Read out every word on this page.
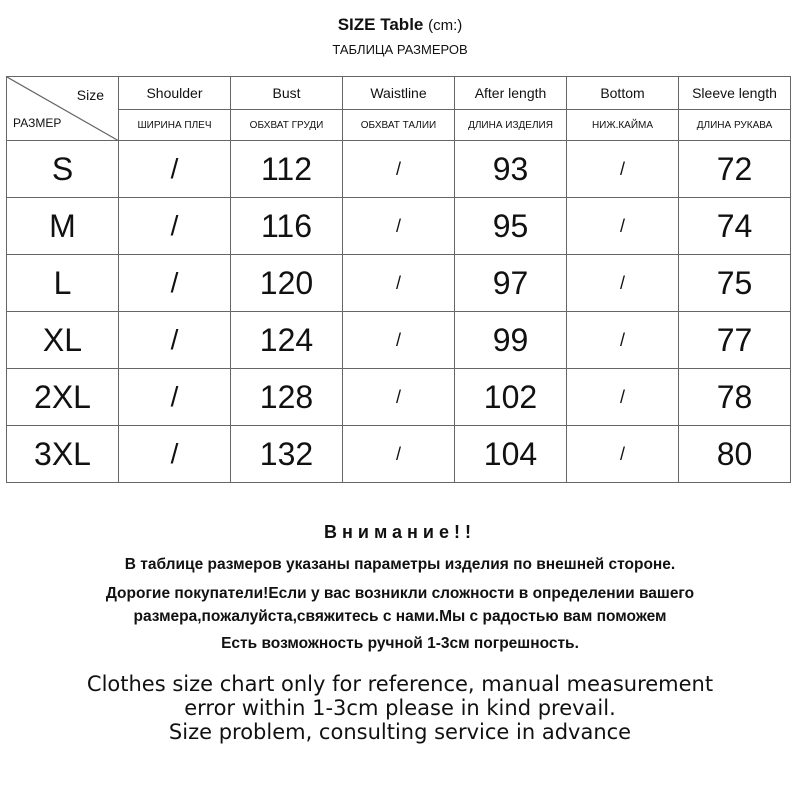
SIZE Table (cm:)
ТАБЛИЦА РАЗМЕРОВ
Size
РАЗМЕР	Shoulder	Bust	Waistline	After length	Bottom	Sleeve length
	ШИРИНА ПЛЕЧ	ОБХВАТ ГРУДИ	ОБХВАТ ТАЛИИ	ДЛИНА ИЗДЕЛИЯ	НИЖ.КАЙМА	ДЛИНА РУКАВА
S	/	112	/	93	/	72
M	/	116	/	95	/	74
L	/	120	/	97	/	75
XL	/	124	/	99	/	77
2XL	/	128	/	102	/	78
3XL	/	132	/	104	/	80
Внимание!!
В таблице размеров указаны параметры изделия по внешней стороне.
Дорогие покупатели!Если у вас возникли сложности в определении вашего
размера,пожалуйста,свяжитесь с нами.Мы с радостью вам поможем
Есть возможность ручной 1-3см погрешность.
Clothes size chart only for reference, manual measurement
error within 1-3cm please in kind prevail.
Size problem, consulting service in advance
